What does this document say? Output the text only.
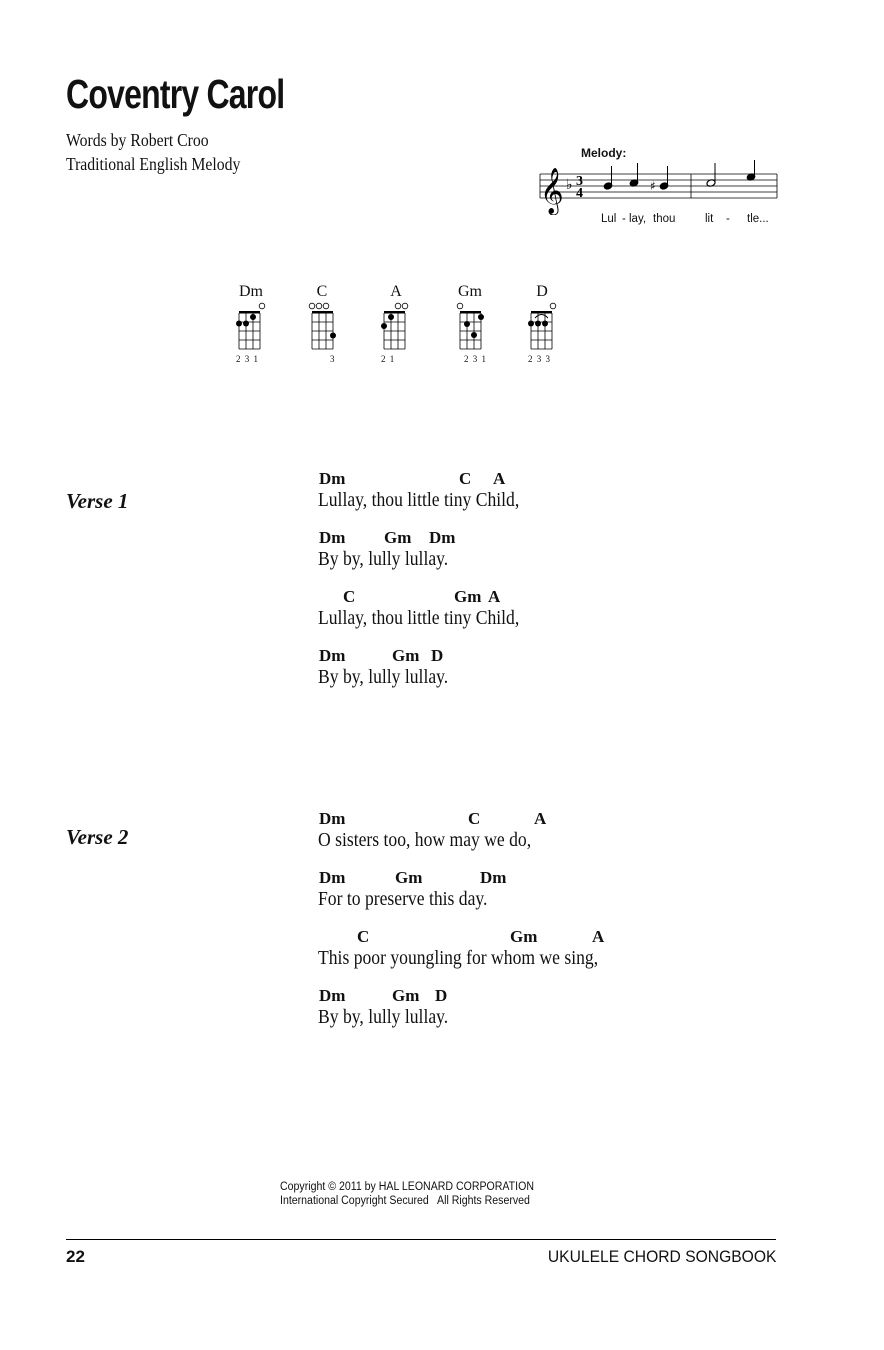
Coventry Carol
Words by Robert Croo
Traditional English Melody
Melody:
𝄞 ♭ 3
4	♯
Lul - lay, thou	lit - tle...
Dm
2 3 1
C
3
A
2 1
Gm
2 3 1
D
2 3 3
Verse 1
Dm	C A
Lullay, thou little tiny Child,
Dm Gm Dm
By by, lully lullay.
C	Gm A
Lullay, thou little tiny Child,
Dm	Gm D
By by, lully lullay.
Verse 2
Dm	C	A
O sisters too, how may we do,
Dm	Gm	Dm
For to preserve this day.
C	Gm	A
This poor youngling for whom we sing,
Dm	Gm D
By by, lully lullay.
Copyright © 2011 by HAL LEONARD CORPORATION
International Copyright Secured   All Rights Reserved
22	UKULELE CHORD SONGBOOK
